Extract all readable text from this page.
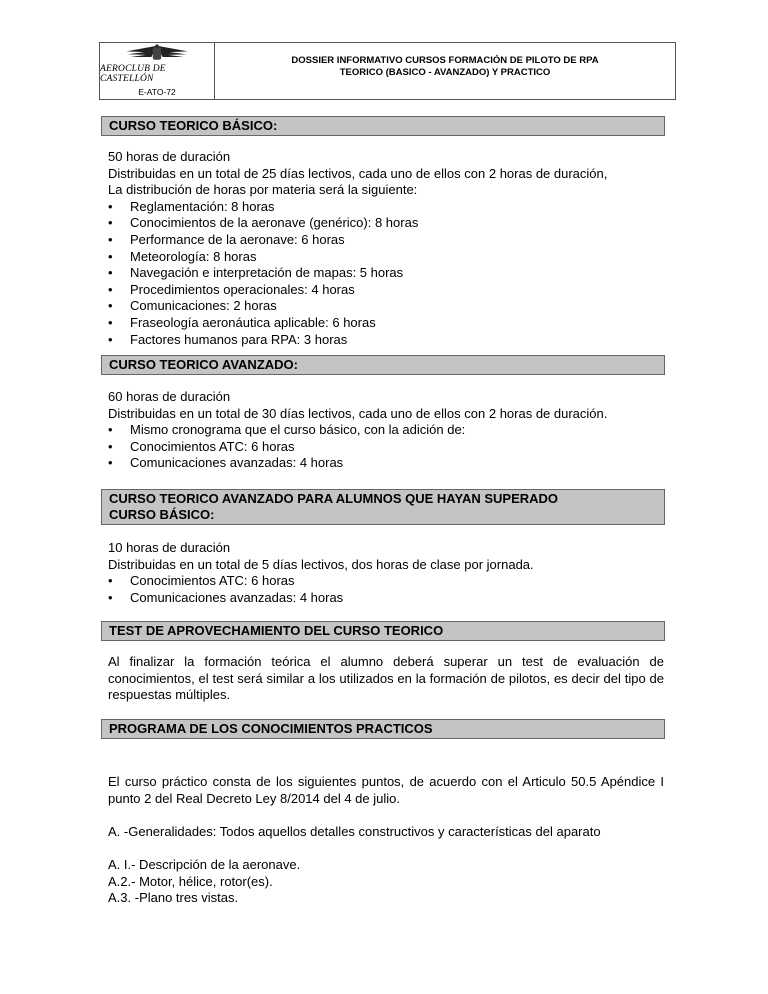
AEROCLUB DE CASTELLÓN
E-ATO-72
DOSSIER INFORMATIVO CURSOS FORMACIÓN DE PILOTO DE RPA
TEORICO (BASICO - AVANZADO) Y PRACTICO
CURSO TEORICO BÁSICO:

50 horas de duración

Distribuidas en un total de 25 días lectivos, cada uno de ellos con 2 horas de duración,

La distribución de horas por materia será la siguiente:

• Reglamentación: 8 horas

• Conocimientos de la aeronave (genérico): 8 horas

• Performance de la aeronave: 6 horas

• Meteorología: 8 horas

• Navegación e interpretación de mapas: 5 horas

• Procedimientos operacionales: 4 horas

• Comunicaciones: 2 horas

• Fraseología aeronáutica aplicable: 6 horas

• Factores humanos para RPA: 3 horas

CURSO TEORICO AVANZADO:

60 horas de duración

Distribuidas en un total de 30 días lectivos, cada uno de ellos con 2 horas de duración.

• Mismo cronograma que el curso básico, con la adición de:

• Conocimientos ATC: 6 horas

• Comunicaciones avanzadas: 4 horas

CURSO TEORICO AVANZADO PARA ALUMNOS QUE HAYAN SUPERADO CURSO BÁSICO:

10 horas de duración

Distribuidas en un total de 5 días lectivos, dos horas de clase por jornada.

• Conocimientos ATC: 6 horas

• Comunicaciones avanzadas: 4 horas

TEST DE APROVECHAMIENTO DEL CURSO TEORICO

Al finalizar la formación teórica el alumno deberá superar un test de evaluación de conocimientos, el test será similar a los utilizados en la formación de pilotos, es decir del tipo de respuestas múltiples.

PROGRAMA DE LOS CONOCIMIENTOS PRACTICOS

El curso práctico consta de los siguientes puntos, de acuerdo con el Articulo 50.5 Apéndice I punto 2 del Real Decreto Ley 8/2014 del 4 de julio.

A. -Generalidades: Todos aquellos detalles constructivos y características del aparato

A. I.- Descripción de la aeronave.

A.2.- Motor, hélice, rotor(es).

A.3. -Plano tres vistas.
